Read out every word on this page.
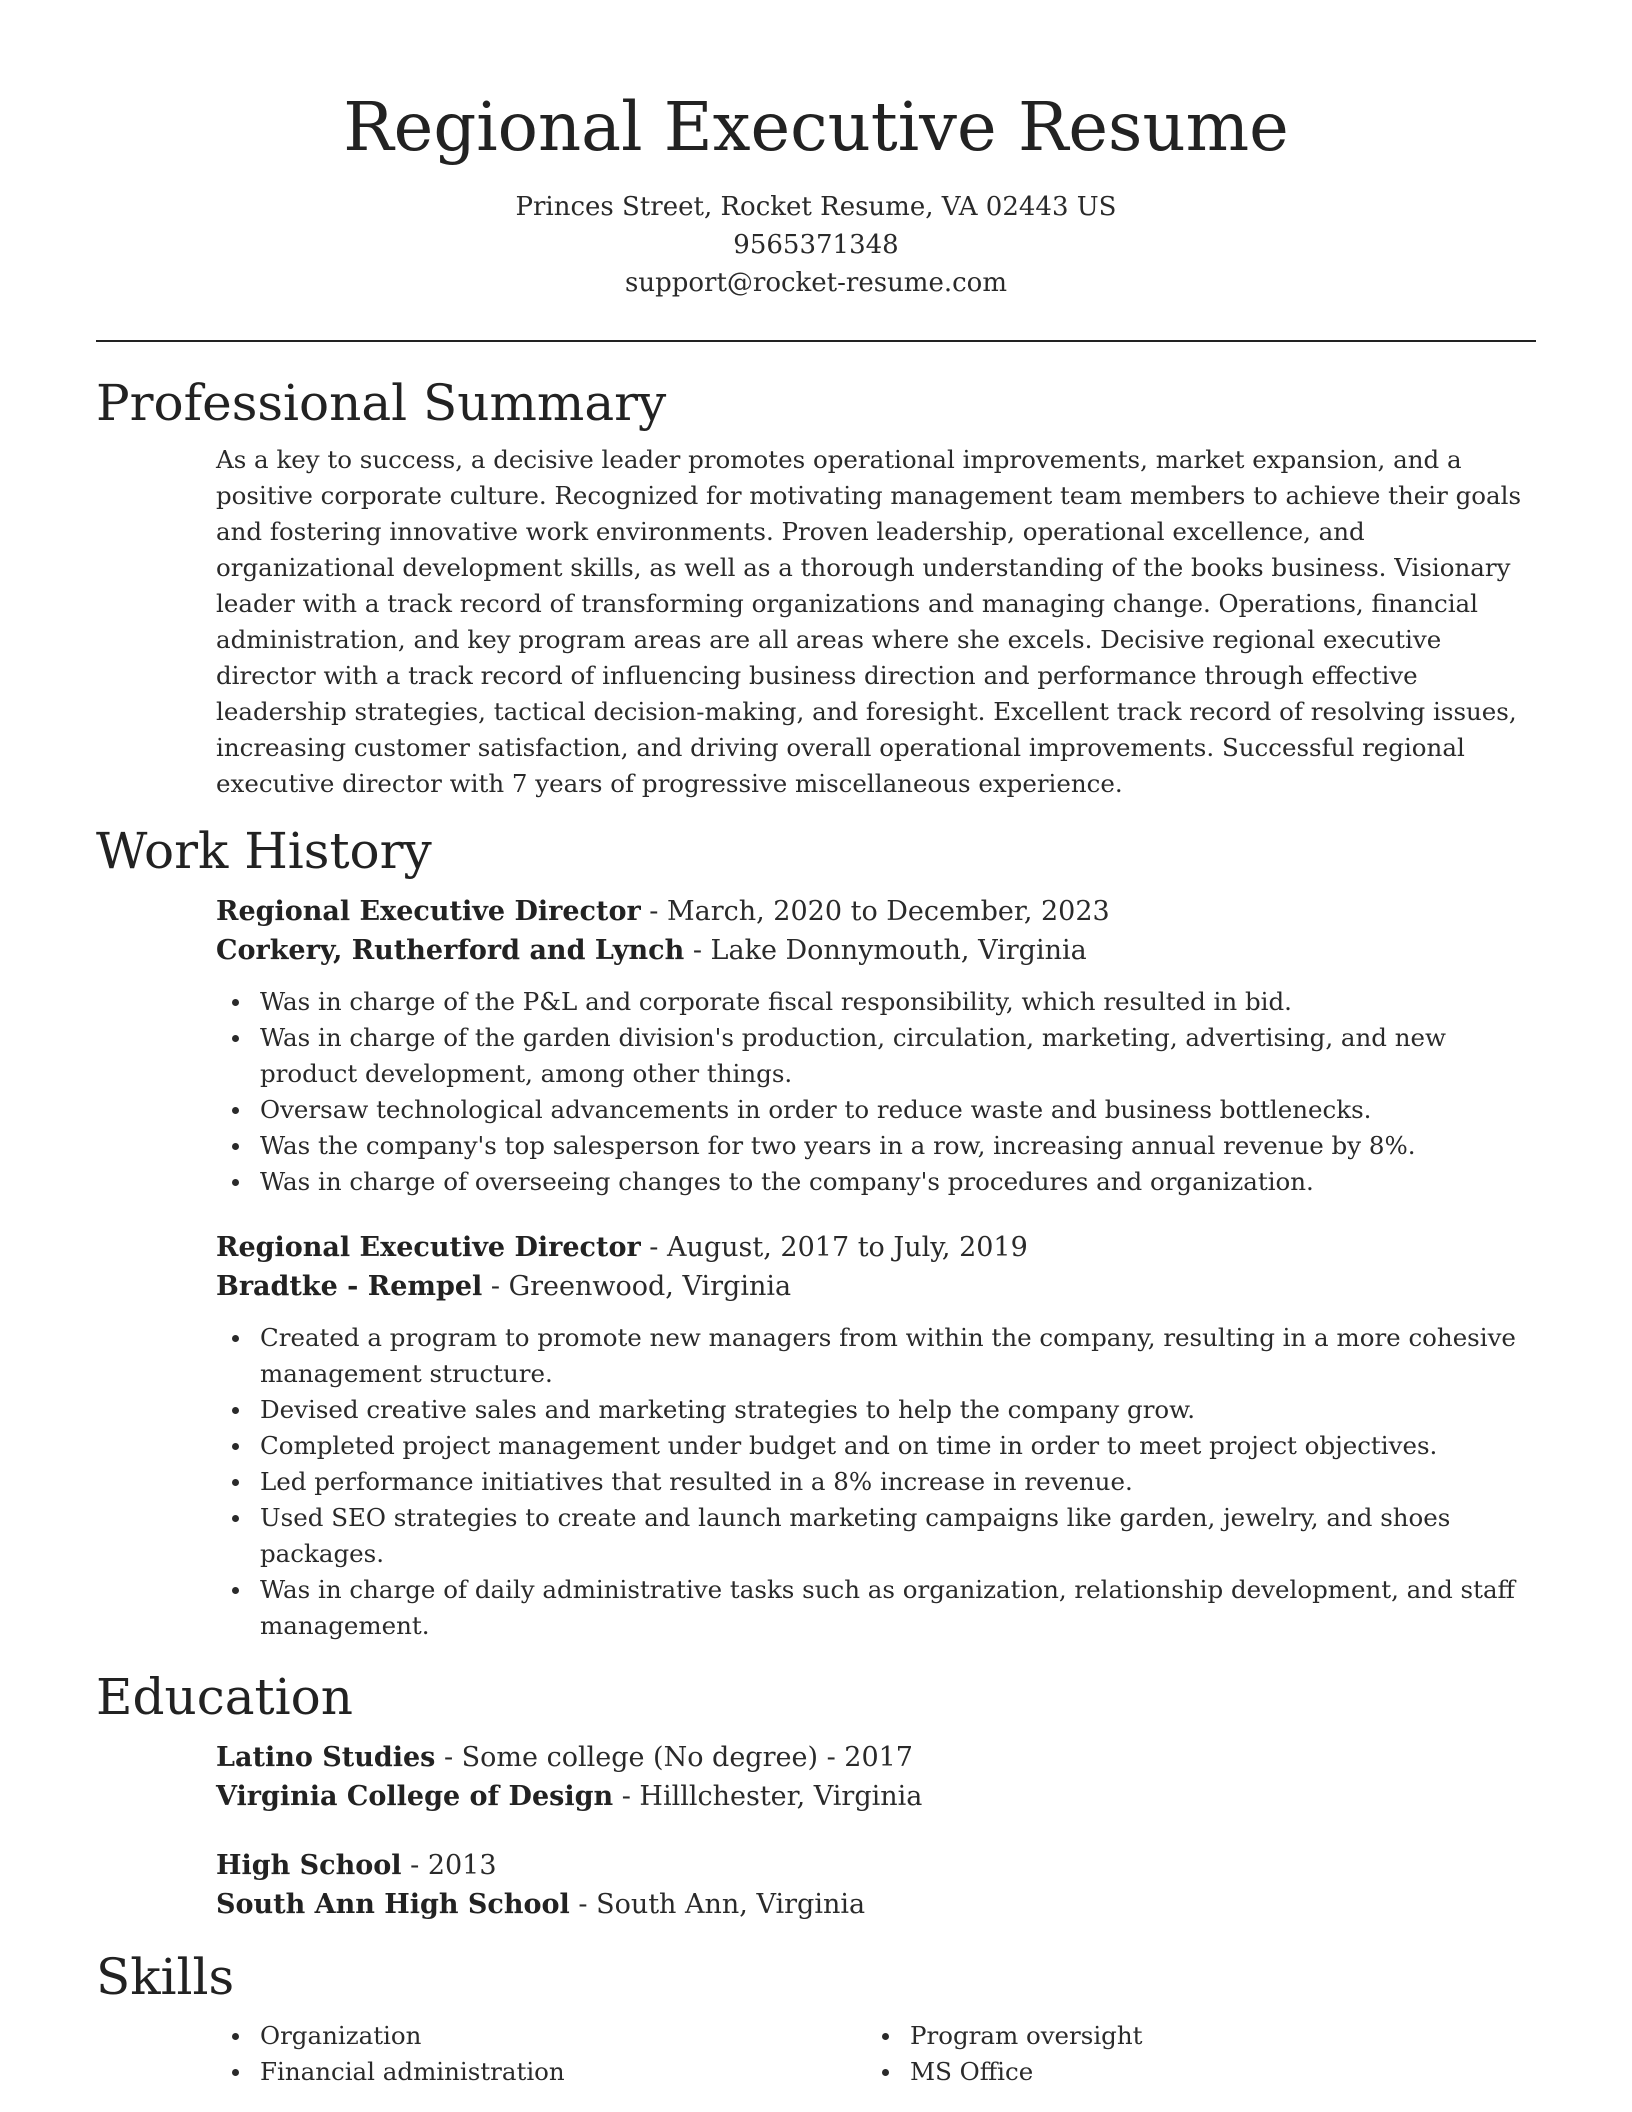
Regional Executive Resume
Princes Street, Rocket Resume, VA 02443 US
9565371348
support@rocket-resume.com
Professional Summary
As a key to success, a decisive leader promotes operational improvements, market expansion, and a positive corporate culture. Recognized for motivating management team members to achieve their goals and fostering innovative work environments. Proven leadership, operational excellence, and organizational development skills, as well as a thorough understanding of the books business. Visionary leader with a track record of transforming organizations and managing change. Operations, financial administration, and key program areas are all areas where she excels. Decisive regional executive director with a track record of influencing business direction and performance through effective leadership strategies, tactical decision-making, and foresight. Excellent track record of resolving issues, increasing customer satisfaction, and driving overall operational improvements. Successful regional executive director with 7 years of progressive miscellaneous experience.
Work History
Regional Executive Director - March, 2020 to December, 2023
Corkery, Rutherford and Lynch - Lake Donnymouth, Virginia
Was in charge of the P&L and corporate fiscal responsibility, which resulted in bid.
Was in charge of the garden division's production, circulation, marketing, advertising, and new product development, among other things.
Oversaw technological advancements in order to reduce waste and business bottlenecks.
Was the company's top salesperson for two years in a row, increasing annual revenue by 8%.
Was in charge of overseeing changes to the company's procedures and organization.
Regional Executive Director - August, 2017 to July, 2019
Bradtke - Rempel - Greenwood, Virginia
Created a program to promote new managers from within the company, resulting in a more cohesive management structure.
Devised creative sales and marketing strategies to help the company grow.
Completed project management under budget and on time in order to meet project objectives.
Led performance initiatives that resulted in a 8% increase in revenue.
Used SEO strategies to create and launch marketing campaigns like garden, jewelry, and shoes packages.
Was in charge of daily administrative tasks such as organization, relationship development, and staff management.
Education
Latino Studies - Some college (No degree) - 2017
Virginia College of Design - Hilllchester, Virginia
High School - 2013
South Ann High School - South Ann, Virginia
Skills
Organization
Financial administration
Program oversight
MS Office
